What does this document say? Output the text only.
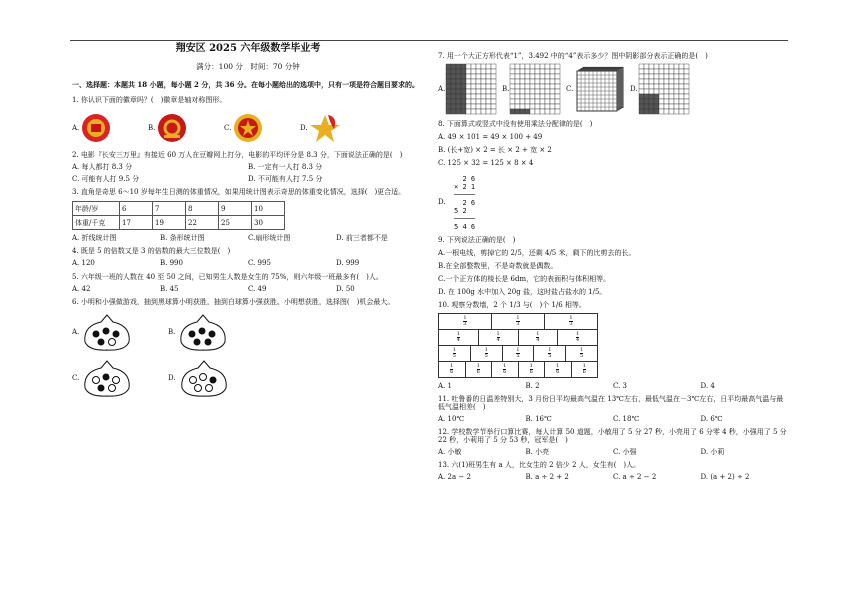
翔安区 2025 六年级数学毕业考
满分：100 分　时间：70 分钟
一、选择题：本题共 18 小题，每小题 2 分，共 36 分。在每小题给出的选项中，只有一项是符合题目要求的。
1. 你认识下面的徽章吗？(　)徽章是轴对称图形。
A.	B.	C.	D.
2. 电影『长安三万里』有接近 60 万人在豆瓣网上打分，电影的平均评分是 8.3 分，下面说法正确的是(　)
A. 每人都打 8.3 分	B. 一定有一人打 8.3 分
C. 可能有人打 9.5 分	D. 不可能有人打 7.5 分
3. 直角是奇思 6～10 岁每年生日测的体重情况，如果用统计图表示奇思的体重变化情况，选择(　)更合适。
年龄/岁	6	7	8	9	10
体重/千克	17	19	22	25	30
A. 折线统计图	B. 条形统计图	C.扇形统计图	D. 前三者都不是
4. 既是 5 的倍数又是 3 的倍数的最大三位数是(　)
A. 120	B. 990	C. 995	D. 999
5. 六年级一班的人数在 40 至 50 之间，已知男生人数是女生的 75%，则六年级一班最多有(　)人。
A. 42	B. 45	C. 49	D. 50
6. 小明和小强做游戏，抽到黑球算小明获胜，抽到白球算小强获胜。小明想获胜，选择图(　)机会最大。
A.	B.
C.	D.
7. 用一个大正方形代表“1”，3.492 中的“4”表示多少？图中阴影部分表示正确的是(　)
A.	B.	C.	D.
8. 下面算式或竖式中没有使用乘法分配律的是(　)
A. 49 × 101 = 49 × 100 + 49
B. (长+宽) × 2 = 长 × 2 + 宽 × 2
C. 125 × 32 = 125 × 8 × 4
D.
2 6
× 2 1
─────
2 6
5 2
─────
5 4 6
9. 下列说法正确的是(　)
A.一根电线，剪掉它的 2/5，还剩 4/5 米，剩下的比剪去的长。
B.在全部整数里，不是奇数就是偶数。
C.一个正方体的棱长是 6dm，它的表面积与体积相等。
D. 在 100g 水中加入 20g 盐，这时盐占盐水的 1/5。
10. 观察分数墙，2 个 1/3 与(　)个 1/6 相等。
$\frac{1}{3}$	$\frac{1}{3}$	$\frac{1}{3}$
$\frac{1}{4}$	$\frac{1}{4}$	$\frac{1}{4}$	$\frac{1}{4}$
$\frac{1}{5}$	$\frac{1}{5}$	$\frac{1}{5}$	$\frac{1}{5}$	$\frac{1}{5}$
$\frac{1}{6}$	$\frac{1}{6}$	$\frac{1}{6}$	$\frac{1}{6}$	$\frac{1}{6}$	$\frac{1}{6}$
A. 1	B. 2	C. 3	D. 4
11. 吐鲁番的日温差特别大，3 月份日平均最高气温在 13℃左右，最低气温在－3℃左右，日平均最高气温与最低气温相差(　)
A. 10℃	B. 16℃	C. 18℃	D. 6℃
12. 学校数学节举行口算比赛，每人计算 50 道题，小敏用了 5 分 27 秒，小亮用了 6 分零 4 秒，小强用了 5 分 22 秒，小莉用了 5 分 53 秒，冠军是(　)
A. 小敏	B. 小亮	C. 小强	D. 小莉
13. 六(1)班男生有 a 人，比女生的 2 倍少 2 人，女生有(　)人。
A. 2a − 2	B. a ÷ 2 + 2	C. a ÷ 2 − 2	D. (a + 2) ÷ 2
